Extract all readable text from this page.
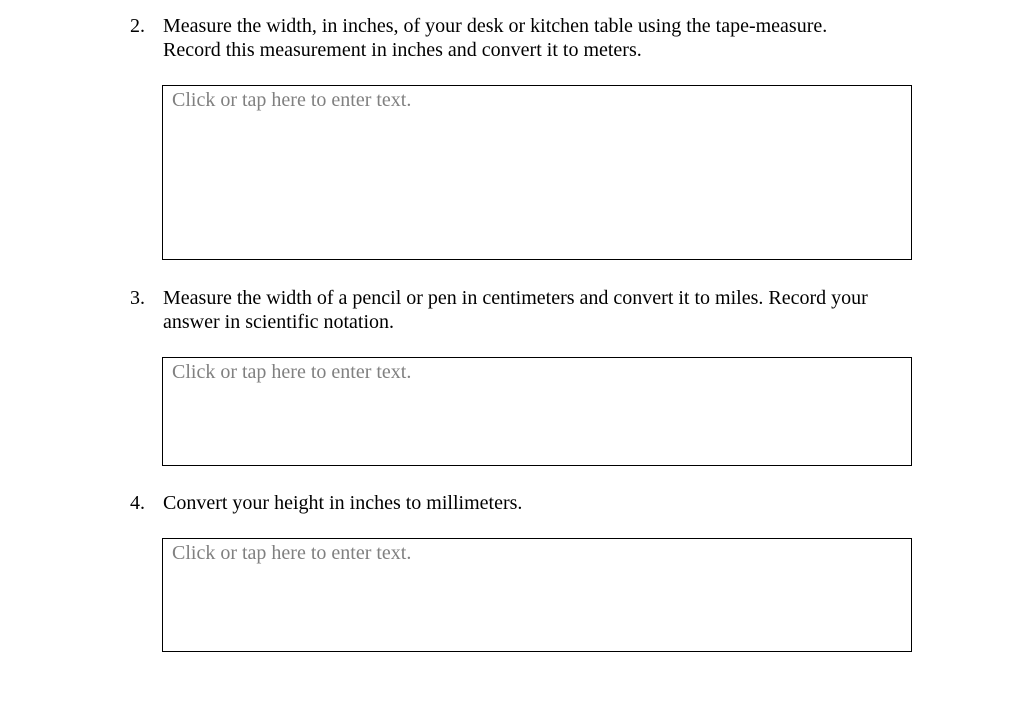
2. Measure the width, in inches, of your desk or kitchen table using the tape-measure.
Record this measurement in inches and convert it to meters.
Click or tap here to enter text.
3. Measure the width of a pencil or pen in centimeters and convert it to miles. Record your
answer in scientific notation.
Click or tap here to enter text.
4. Convert your height in inches to millimeters.
Click or tap here to enter text.
